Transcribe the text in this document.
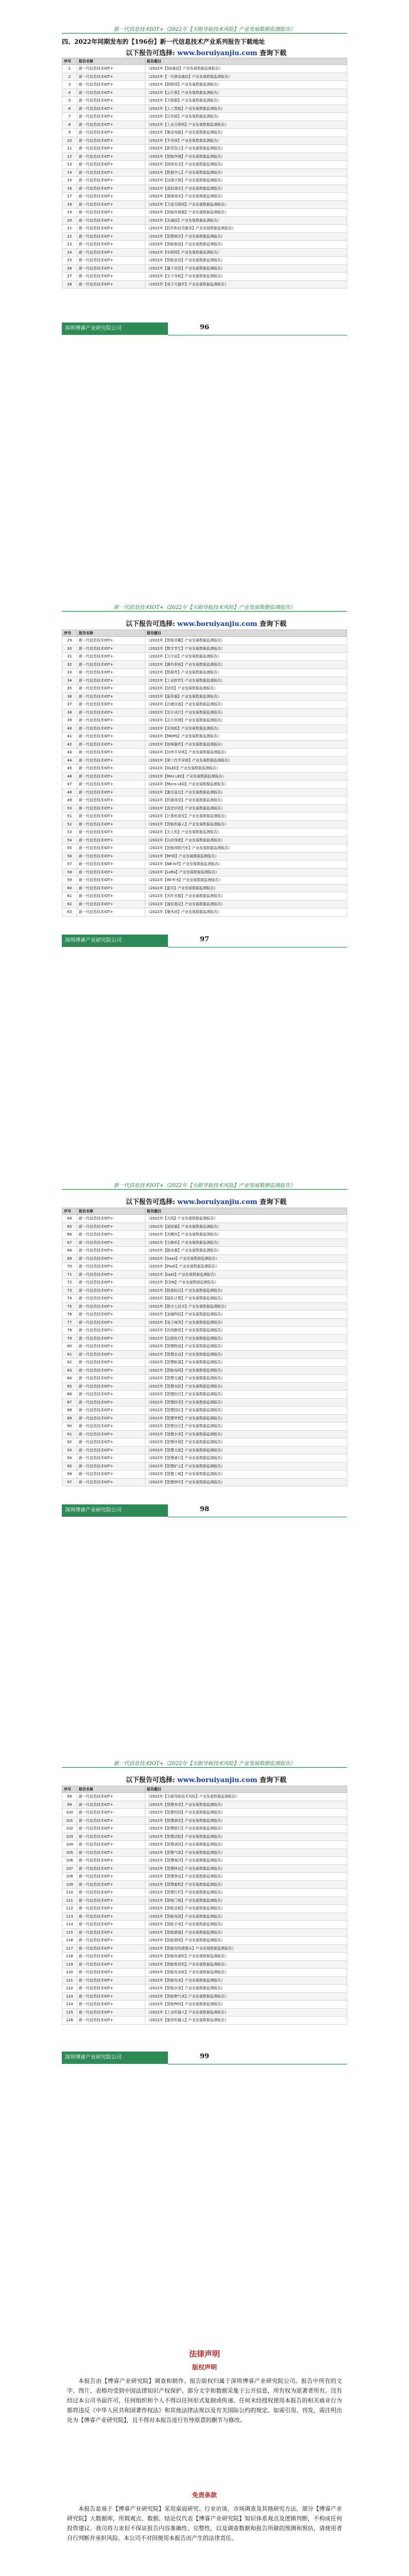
新一代信息技术IOT+《2022年【天眼导航技术风险】产业发展数据监测报告》
四、2022年同期发布的【196份】新一代信息技术产业系列报告下载地址
以下报告可选择: www.boruiyanjiu.com 查询下载
序号	报告名称	报告题目
1	新一代信息技术IOT+	《2022年【5G通信】产业发展数据监测报告》
2	新一代信息技术IOT+	《2022年【一代移动通信】产业发展数据监测报告》
3	新一代信息技术IOT+	《2022年【物联网】产业发展数据监测报告》
4	新一代信息技术IOT+	《2022年【云计算】产业发展数据监测报告》
5	新一代信息技术IOT+	《2022年【大数据】产业发展数据监测报告》
6	新一代信息技术IOT+	《2022年【人工智能】产业发展数据监测报告》
7	新一代信息技术IOT+	《2022年【区块链】产业发展数据监测报告》
8	新一代信息技术IOT+	《2022年【工业互联网】产业发展数据监测报告》
9	新一代信息技术IOT+	《2022年【集成电路】产业发展数据监测报告》
10	新一代信息技术IOT+	《2022年【半导体】产业发展数据监测报告》
11	新一代信息技术IOT+	《2022年【新型显示】产业发展数据监测报告》
12	新一代信息技术IOT+	《2022年【智能终端】产业发展数据监测报告》
13	新一代信息技术IOT+	《2022年【网络安全】产业发展数据监测报告》
14	新一代信息技术IOT+	《2022年【数据中心】产业发展数据监测报告》
15	新一代信息技术IOT+	《2022年【边缘计算】产业发展数据监测报告》
16	新一代信息技术IOT+	《2022年【虚拟现实】产业发展数据监测报告》
17	新一代信息技术IOT+	《2022年【增强现实】产业发展数据监测报告》
18	新一代信息技术IOT+	《2022年【卫星互联网】产业发展数据监测报告》
19	新一代信息技术IOT+	《2022年【智能传感器】产业发展数据监测报告》
20	新一代信息技术IOT+	《2022年【光通信】产业发展数据监测报告》
21	新一代信息技术IOT+	《2022年【软件和信息服务】产业发展数据监测报告》
22	新一代信息技术IOT+	《2022年【智慧城市】产业发展数据监测报告》
23	新一代信息技术IOT+	《2022年【智能制造】产业发展数据监测报告》
24	新一代信息技术IOT+	《2022年【车联网】产业发展数据监测报告》
25	新一代信息技术IOT+	《2022年【智能家居】产业发展数据监测报告》
26	新一代信息技术IOT+	《2022年【量子信息】产业发展数据监测报告》
27	新一代信息技术IOT+	《2022年【北斗导航】产业发展数据监测报告》
28	新一代信息技术IOT+	《2022年【电子元器件】产业发展数据监测报告》
深圳博睿产业研究院公司	96
新一代信息技术IOT+《2022年【天眼导航技术风险】产业发展数据监测报告》
以下报告可选择: www.boruiyanjiu.com 查询下载
序号	报告名称	报告题目
29	新一代信息技术IOT+	《2022年【智能穿戴】产业发展数据监测报告》
30	新一代信息技术IOT+	《2022年【数字孪生】产业发展数据监测报告》
31	新一代信息技术IOT+	《2022年【元宇宙】产业发展数据监测报告》
32	新一代信息技术IOT+	《2022年【操作系统】产业发展数据监测报告》
33	新一代信息技术IOT+	《2022年【数据库】产业发展数据监测报告》
34	新一代信息技术IOT+	《2022年【工业软件】产业发展数据监测报告》
35	新一代信息技术IOT+	《2022年【信创】产业发展数据监测报告》
36	新一代信息技术IOT+	《2022年【服务器】产业发展数据监测报告》
37	新一代信息技术IOT+	《2022年【存储设备】产业发展数据监测报告》
38	新一代信息技术IOT+	《2022年【芯片设计】产业发展数据监测报告》
39	新一代信息技术IOT+	《2022年【芯片封测】产业发展数据监测报告》
40	新一代信息技术IOT+	《2022年【光刻胶】产业发展数据监测报告》
41	新一代信息技术IOT+	《2022年【MEMS】产业发展数据监测报告》
42	新一代信息技术IOT+	《2022年【射频器件】产业发展数据监测报告》
43	新一代信息技术IOT+	《2022年【功率半导体】产业发展数据监测报告》
44	新一代信息技术IOT+	《2022年【第三代半导体】产业发展数据监测报告》
45	新一代信息技术IOT+	《2022年【OLED】产业发展数据监测报告》
46	新一代信息技术IOT+	《2022年【Mini LED】产业发展数据监测报告》
47	新一代信息技术IOT+	《2022年【Micro LED】产业发展数据监测报告》
48	新一代信息技术IOT+	《2022年【激光雷达】产业发展数据监测报告》
49	新一代信息技术IOT+	《2022年【机器视觉】产业发展数据监测报告》
50	新一代信息技术IOT+	《2022年【语音识别】产业发展数据监测报告》
51	新一代信息技术IOT+	《2022年【计算机视觉】产业发展数据监测报告》
52	新一代信息技术IOT+	《2022年【智能机器人】产业发展数据监测报告》
53	新一代信息技术IOT+	《2022年【无人机】产业发展数据监测报告》
54	新一代信息技术IOT+	《2022年【自动驾驶】产业发展数据监测报告》
55	新一代信息技术IOT+	《2022年【智能网联汽车】产业发展数据监测报告》
56	新一代信息技术IOT+	《2022年【RFID】产业发展数据监测报告》
57	新一代信息技术IOT+	《2022年【NB-IoT】产业发展数据监测报告》
58	新一代信息技术IOT+	《2022年【LoRa】产业发展数据监测报告》
59	新一代信息技术IOT+	《2022年【Wi-Fi 6】产业发展数据监测报告》
60	新一代信息技术IOT+	《2022年【蓝牙】产业发展数据监测报告》
61	新一代信息技术IOT+	《2022年【光纤光缆】产业发展数据监测报告》
62	新一代信息技术IOT+	《2022年【通信基站】产业发展数据监测报告》
63	新一代信息技术IOT+	《2022年【毫米波】产业发展数据监测报告》
深圳博睿产业研究院公司	97
新一代信息技术IOT+《2022年【天眼导航技术风险】产业发展数据监测报告》
以下报告可选择: www.boruiyanjiu.com 查询下载
序号	报告名称	报告题目
64	新一代信息技术IOT+	《2022年【天线】产业发展数据监测报告》
65	新一代信息技术IOT+	《2022年【滤波器】产业发展数据监测报告》
66	新一代信息技术IOT+	《2022年【光模块】产业发展数据监测报告》
67	新一代信息技术IOT+	《2022年【交换机】产业发展数据监测报告》
68	新一代信息技术IOT+	《2022年【路由器】产业发展数据监测报告》
69	新一代信息技术IOT+	《2022年【SaaS】产业发展数据监测报告》
70	新一代信息技术IOT+	《2022年【PaaS】产业发展数据监测报告》
71	新一代信息技术IOT+	《2022年【IaaS】产业发展数据监测报告》
72	新一代信息技术IOT+	《2022年【CDN】产业发展数据监测报告》
73	新一代信息技术IOT+	《2022年【数据标注】产业发展数据监测报告》
74	新一代信息技术IOT+	《2022年【隐私计算】产业发展数据监测报告》
75	新一代信息技术IOT+	《2022年【数字人民币】产业发展数据监测报告》
76	新一代信息技术IOT+	《2022年【金融科技】产业发展数据监测报告》
77	新一代信息技术IOT+	《2022年【电子商务】产业发展数据监测报告》
78	新一代信息技术IOT+	《2022年【在线教育】产业发展数据监测报告》
79	新一代信息技术IOT+	《2022年【远程医疗】产业发展数据监测报告》
80	新一代信息技术IOT+	《2022年【智慧物流】产业发展数据监测报告》
81	新一代信息技术IOT+	《2022年【智慧农业】产业发展数据监测报告》
82	新一代信息技术IOT+	《2022年【智慧能源】产业发展数据监测报告》
83	新一代信息技术IOT+	《2022年【智能电网】产业发展数据监测报告》
84	新一代信息技术IOT+	《2022年【智慧交通】产业发展数据监测报告》
85	新一代信息技术IOT+	《2022年【智慧安防】产业发展数据监测报告》
86	新一代信息技术IOT+	《2022年【智慧医疗】产业发展数据监测报告》
87	新一代信息技术IOT+	《2022年【智慧政务】产业发展数据监测报告》
88	新一代信息技术IOT+	《2022年【智慧园区】产业发展数据监测报告》
89	新一代信息技术IOT+	《2022年【智慧零售】产业发展数据监测报告》
90	新一代信息技术IOT+	《2022年【智慧社区】产业发展数据监测报告》
91	新一代信息技术IOT+	《2022年【智慧水务】产业发展数据监测报告》
92	新一代信息技术IOT+	《2022年【智慧环保】产业发展数据监测报告》
93	新一代信息技术IOT+	《2022年【智慧文旅】产业发展数据监测报告》
94	新一代信息技术IOT+	《2022年【智慧港口】产业发展数据监测报告》
95	新一代信息技术IOT+	《2022年【智慧矿山】产业发展数据监测报告》
96	新一代信息技术IOT+	《2022年【智慧工地】产业发展数据监测报告》
97	新一代信息技术IOT+	《2022年【智慧停车】产业发展数据监测报告》
深圳博睿产业研究院公司	98
新一代信息技术IOT+《2022年【天眼导航技术风险】产业发展数据监测报告》
以下报告可选择: www.boruiyanjiu.com 查询下载
序号	报告名称	报告题目
98	新一代信息技术IOT+	《2022年【天眼导航技术风险】产业发展数据监测报告》
99	新一代信息技术IOT+	《2022年【智慧养老】产业发展数据监测报告》
100	新一代信息技术IOT+	《2022年【智慧校园】产业发展数据监测报告》
101	新一代信息技术IOT+	《2022年【智慧酒店】产业发展数据监测报告》
102	新一代信息技术IOT+	《2022年【智慧银行】产业发展数据监测报告》
103	新一代信息技术IOT+	《2022年【智慧法院】产业发展数据监测报告》
104	新一代信息技术IOT+	《2022年【智慧消防】产业发展数据监测报告》
105	新一代信息技术IOT+	《2022年【智慧气象】产业发展数据监测报告》
106	新一代信息技术IOT+	《2022年【智慧海洋】产业发展数据监测报告》
107	新一代信息技术IOT+	《2022年【智慧林业】产业发展数据监测报告》
108	新一代信息技术IOT+	《2022年【智慧渔业】产业发展数据监测报告》
109	新一代信息技术IOT+	《2022年【智慧畜牧】产业发展数据监测报告》
110	新一代信息技术IOT+	《2022年【智慧灯杆】产业发展数据监测报告》
111	新一代信息技术IOT+	《2022年【智能门锁】产业发展数据监测报告》
112	新一代信息技术IOT+	《2022年【智能音箱】产业发展数据监测报告》
113	新一代信息技术IOT+	《2022年【智能电视】产业发展数据监测报告》
114	新一代信息技术IOT+	《2022年【智能手表】产业发展数据监测报告》
115	新一代信息技术IOT+	《2022年【智能眼镜】产业发展数据监测报告》
116	新一代信息技术IOT+	《2022年【智能照明】产业发展数据监测报告》
117	新一代信息技术IOT+	《2022年【智能安防摄像头】产业发展数据监测报告》
118	新一代信息技术IOT+	《2022年【智能快递柜】产业发展数据监测报告》
119	新一代信息技术IOT+	《2022年【智能售货机】产业发展数据监测报告》
120	新一代信息技术IOT+	《2022年【智能充电桩】产业发展数据监测报告》
121	新一代信息技术IOT+	《2022年【智能电表】产业发展数据监测报告》
122	新一代信息技术IOT+	《2022年【智能水表】产业发展数据监测报告》
123	新一代信息技术IOT+	《2022年【智能燃气表】产业发展数据监测报告》
124	新一代信息技术IOT+	《2022年【智能POS】产业发展数据监测报告》
125	新一代信息技术IOT+	《2022年【工业机器人】产业发展数据监测报告》
126	新一代信息技术IOT+	《2022年【服务机器人】产业发展数据监测报告》
深圳博睿产业研究院公司	99
法律声明
版权声明
本报告由【博睿产业研究院】调查和制作。报告版权归属于深圳博睿产业研究院公司。报告中所有的文字、图片、表格均受到中国法律知识产权保护。部分文字和数据采集于公开信息，所有权为原著者所有。没有经过本公司书面许可，任何组织和个人不得以任何形式复制或传递。任何未经授权使用本报告的相关商业行为都将违反《中华人民共和国著作权法》和其他法律法规以及有关国际公约的规定。如需引用、刊发，需注明出处为【博睿产业研究院】，且不得对本报告进行有悖原意的删节与修改。
免责条款
本报告是基于【博睿产业研究院】采用桌面研究、行业访谈、市场调查及其他研究方法，部分【博睿产业研究院】大数据库，所载观点、数据、结论仅代表【博睿产业研究院】知识体系观点及逻辑判断，不构成任何投资建议。我司将力求但不保证报告内容准确性、完整性，以及调查数据和报告所做的预测和预估，请使用者自行判断并承担风险。本公司不对因使用本报告而产生的法律责任。
